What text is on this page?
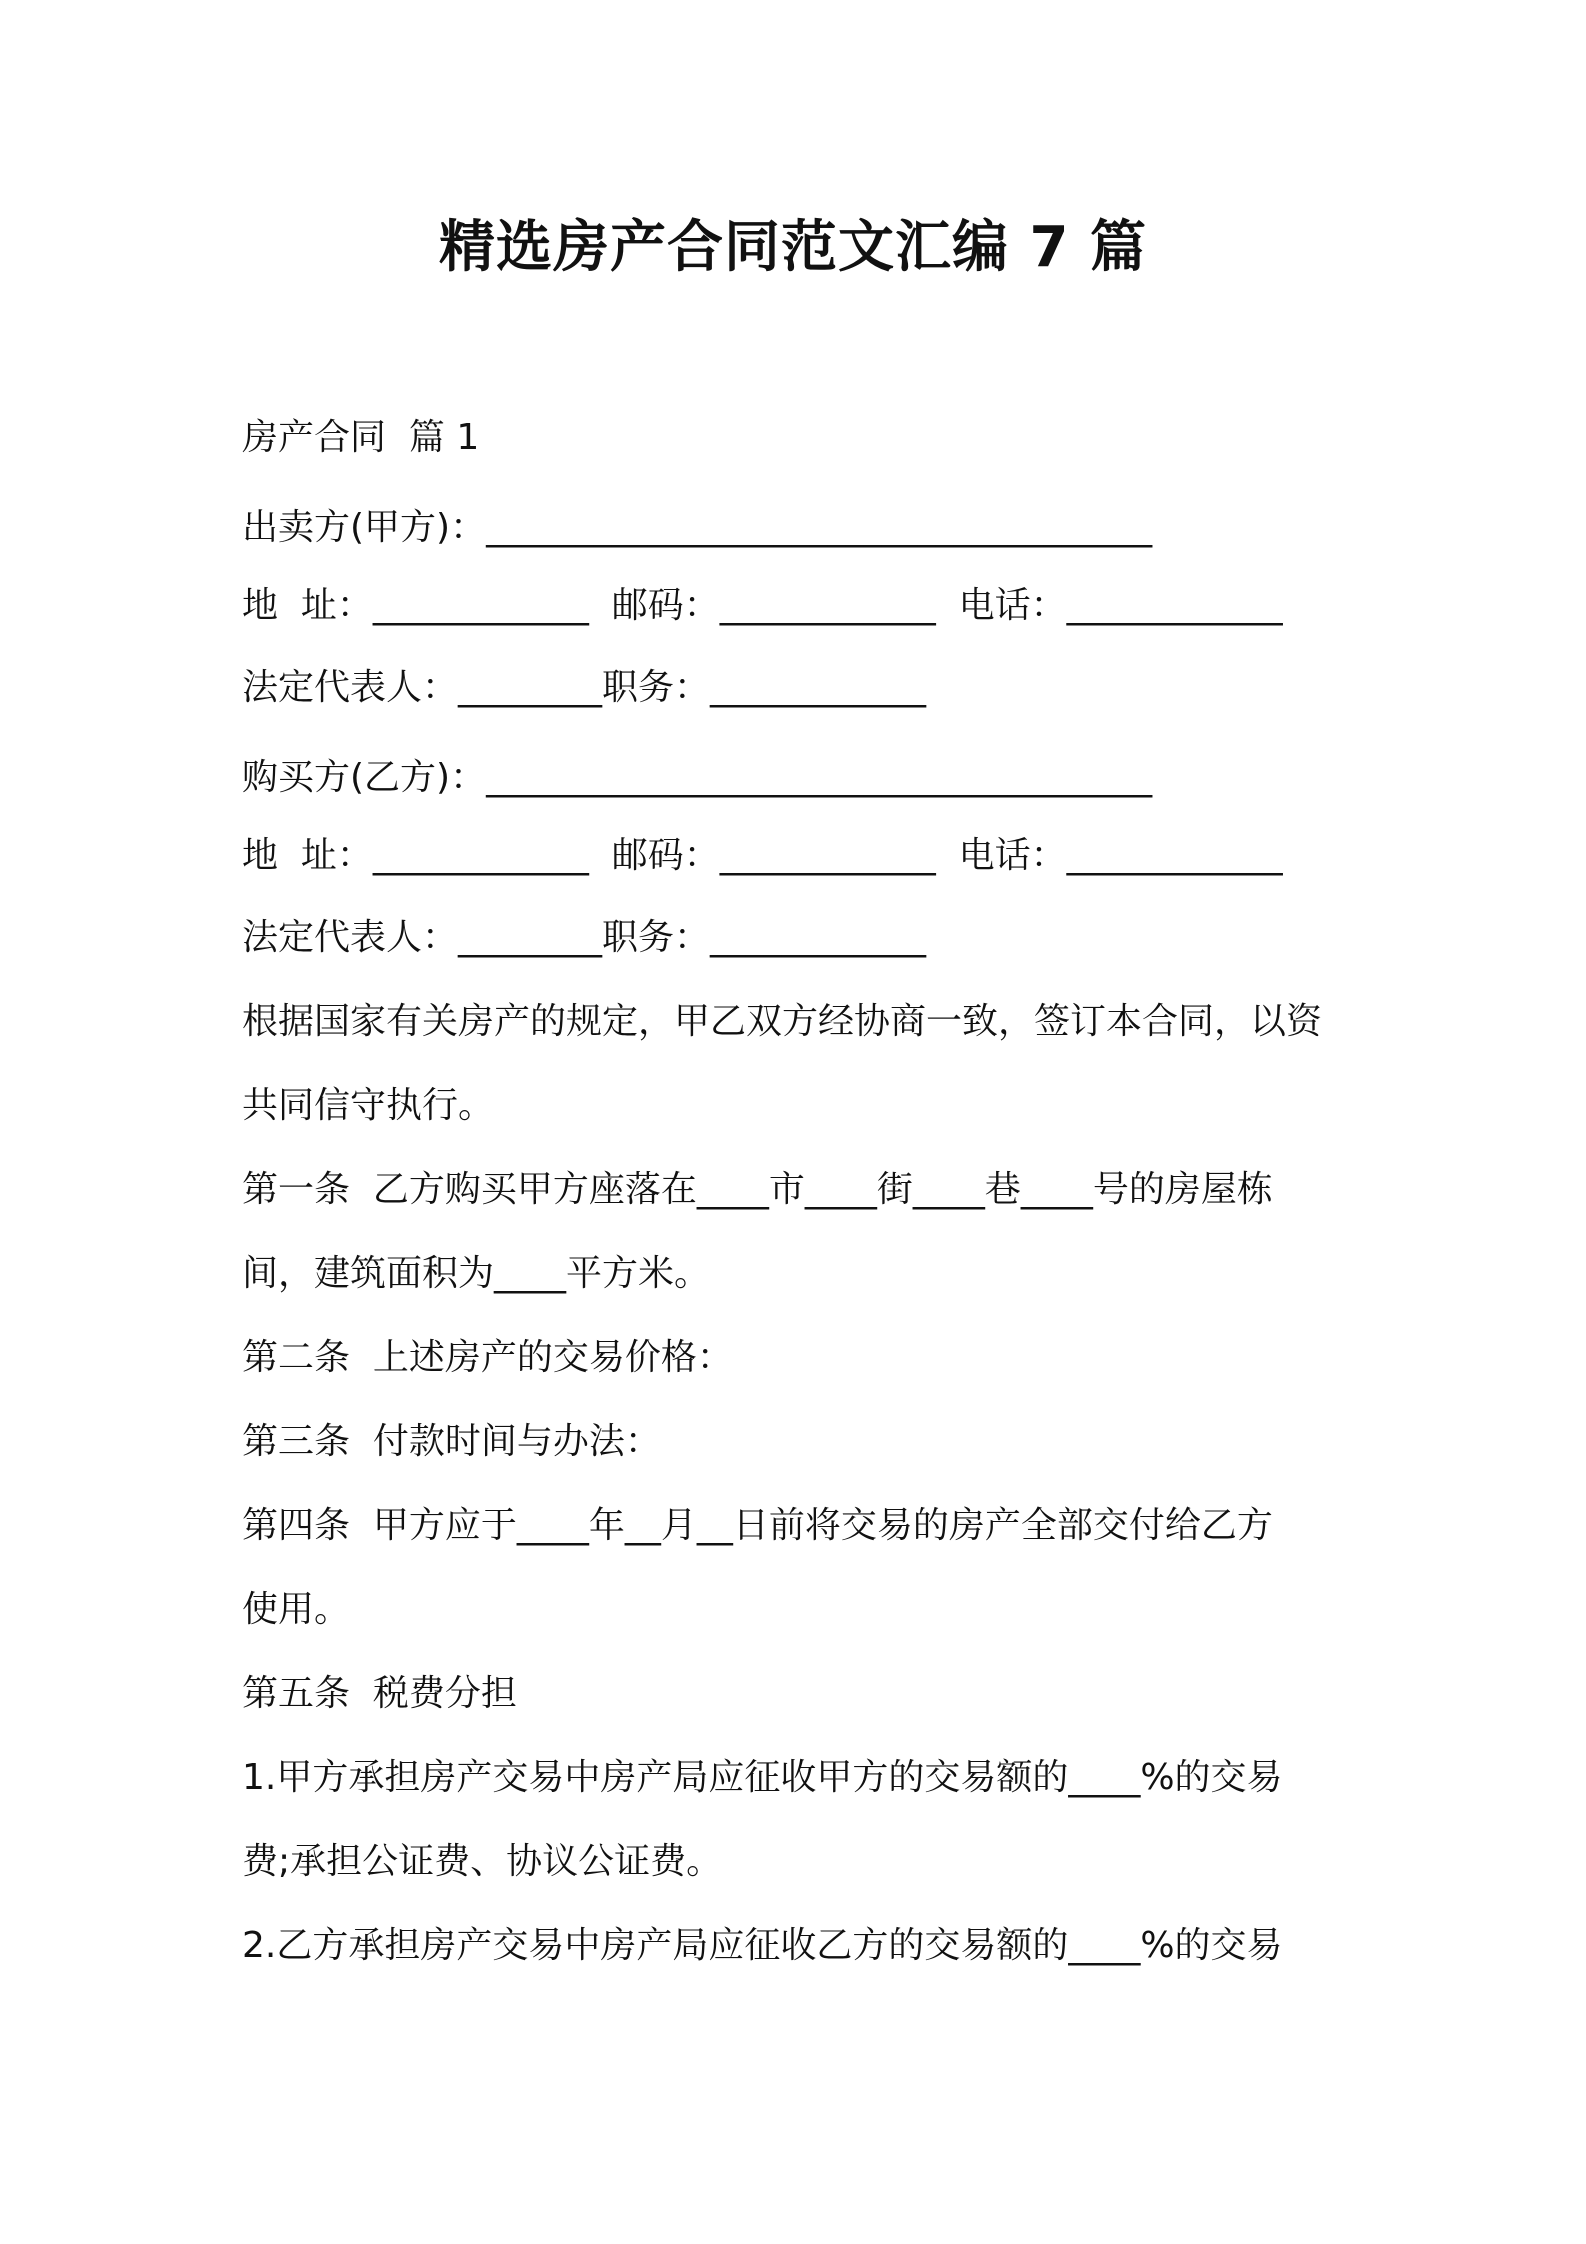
精选房产合同范文汇编 7 篇
房产合同  篇 1
出卖方(甲方)：_____________________________________
地  址：____________  邮码：____________  电话：____________
法定代表人：________职务：____________
购买方(乙方)：_____________________________________
地  址：____________  邮码：____________  电话：____________
法定代表人：________职务：____________
根据国家有关房产的规定，甲乙双方经协商一致，签订本合同，以资
共同信守执行。
第一条  乙方购买甲方座落在____市____街____巷____号的房屋栋
间，建筑面积为____平方米。
第二条  上述房产的交易价格：
第三条  付款时间与办法：
第四条  甲方应于____年__月__日前将交易的房产全部交付给乙方
使用。
第五条  税费分担
1.甲方承担房产交易中房产局应征收甲方的交易额的____%的交易
费;承担公证费、协议公证费。
2.乙方承担房产交易中房产局应征收乙方的交易额的____%的交易
